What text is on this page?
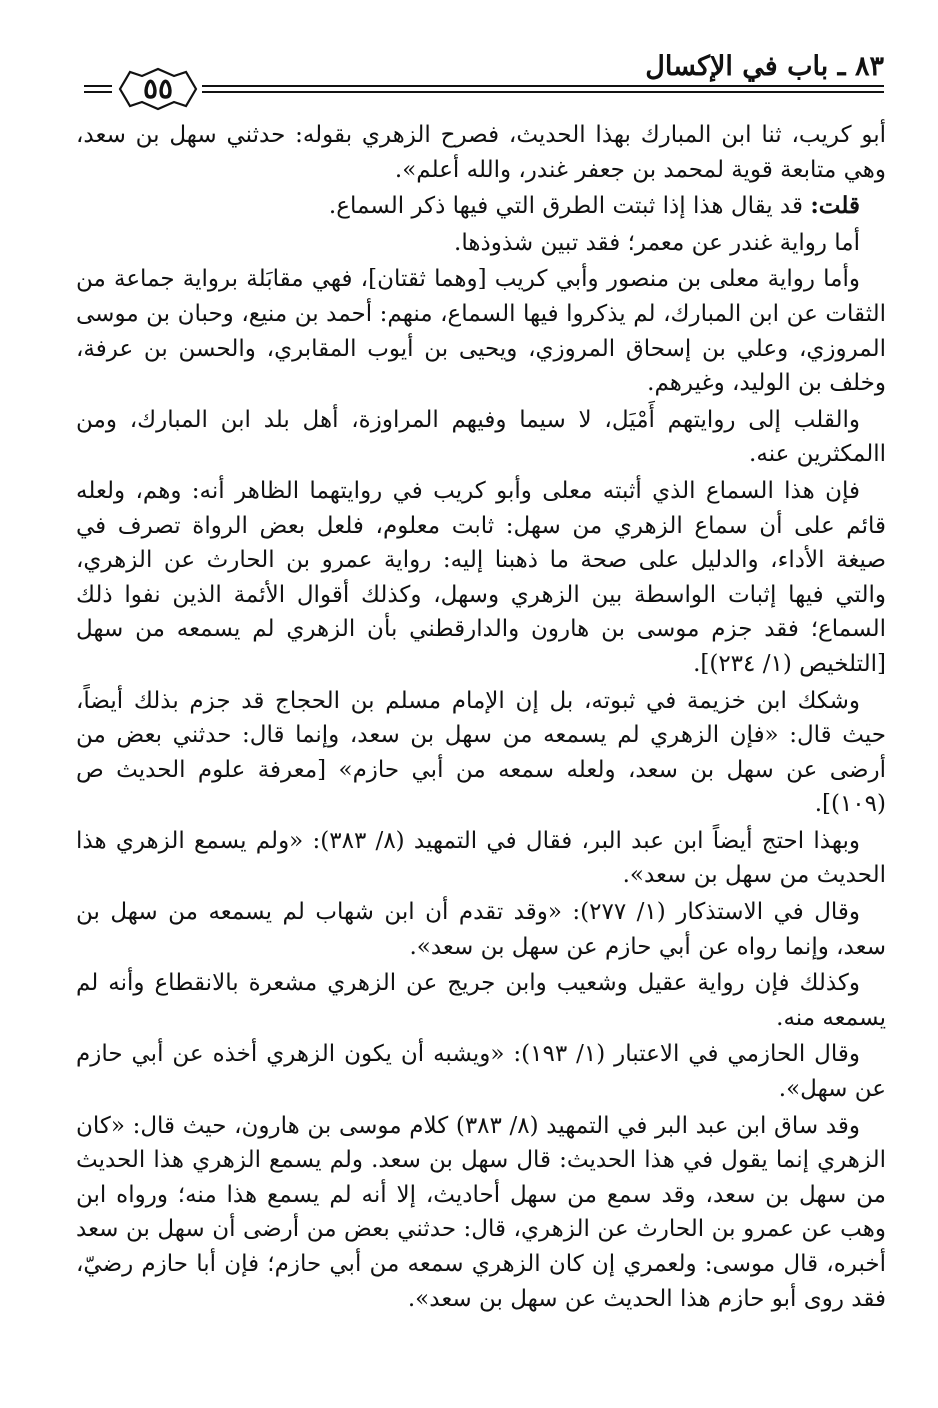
٨٣ ـ باب في الإكسال
٥٥

أبو كريب، ثنا ابن المبارك بهذا الحديث، فصرح الزهري بقوله: حدثني سهل بن سعد، وهي متابعة قوية لمحمد بن جعفر غندر، والله أعلم».

قلت: قد يقال هذا إذا ثبتت الطرق التي فيها ذكر السماع.

أما رواية غندر عن معمر؛ فقد تبين شذوذها.

وأما رواية معلى بن منصور وأبي كريب [وهما ثقتان]، فهي مقابَلة برواية جماعة من الثقات عن ابن المبارك، لم يذكروا فيها السماع، منهم: أحمد بن منيع، وحبان بن موسى المروزي، وعلي بن إسحاق المروزي، ويحيى بن أيوب المقابري، والحسن بن عرفة، وخلف بن الوليد، وغيرهم.

والقلب إلى روايتهم أَمْيَل، لا سيما وفيهم المراوزة، أهل بلد ابن المبارك، ومن االمكثرين عنه.

فإن هذا السماع الذي أثبته معلى وأبو كريب في روايتهما الظاهر أنه: وهم، ولعله قائم على أن سماع الزهري من سهل: ثابت معلوم، فلعل بعض الرواة تصرف في صيغة الأداء، والدليل على صحة ما ذهبنا إليه: رواية عمرو بن الحارث عن الزهري، والتي فيها إثبات الواسطة بين الزهري وسهل، وكذلك أقوال الأئمة الذين نفوا ذلك السماع؛ فقد جزم موسى بن هارون والدارقطني بأن الزهري لم يسمعه من سهل [التلخيص (١/ ٢٣٤)].

وشكك ابن خزيمة في ثبوته، بل إن الإمام مسلم بن الحجاج قد جزم بذلك أيضاً، حيث قال: «فإن الزهري لم يسمعه من سهل بن سعد، وإنما قال: حدثني بعض من أرضى عن سهل بن سعد، ولعله سمعه من أبي حازم» [معرفة علوم الحديث ص (١٠٩)].

وبهذا احتج أيضاً ابن عبد البر، فقال في التمهيد (٨/ ٣٨٣): «ولم يسمع الزهري هذا الحديث من سهل بن سعد».

وقال في الاستذكار (١/ ٢٧٧): «وقد تقدم أن ابن شهاب لم يسمعه من سهل بن سعد، وإنما رواه عن أبي حازم عن سهل بن سعد».

وكذلك فإن رواية عقيل وشعيب وابن جريج عن الزهري مشعرة بالانقطاع وأنه لم يسمعه منه.

وقال الحازمي في الاعتبار (١/ ١٩٣): «ويشبه أن يكون الزهري أخذه عن أبي حازم عن سهل».

وقد ساق ابن عبد البر في التمهيد (٨/ ٣٨٣) كلام موسى بن هارون، حيث قال: «كان الزهري إنما يقول في هذا الحديث: قال سهل بن سعد. ولم يسمع الزهري هذا الحديث من سهل بن سعد، وقد سمع من سهل أحاديث، إلا أنه لم يسمع هذا منه؛ ورواه ابن وهب عن عمرو بن الحارث عن الزهري، قال: حدثني بعض من أرضى أن سهل بن سعد أخبره، قال موسى: ولعمري إن كان الزهري سمعه من أبي حازم؛ فإن أبا حازم رضيّ، فقد روى أبو حازم هذا الحديث عن سهل بن سعد».
